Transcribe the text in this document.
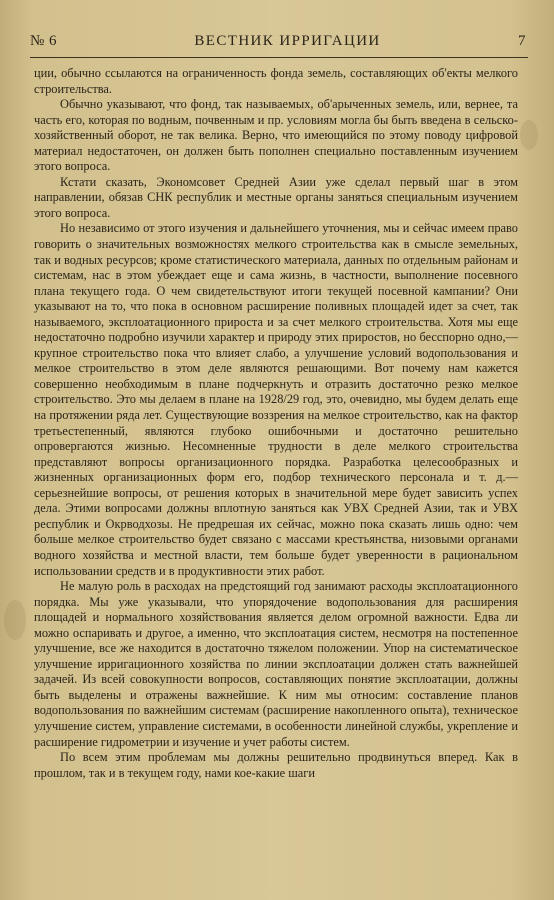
№ 6	ВЕСТНИК ИРРИГАЦИИ	7

ции, обычно ссылаются на ограниченность фонда земель, составляющих об'екты мелкого строительства.

Обычно указывают, что фонд, так называемых, об'арыченных земель, или, вернее, та часть его, которая по водным, почвенным и пр. условиям могла бы быть введена в сельско-хозяйственный оборот, не так велика. Верно, что имеющийся по этому поводу цифровой материал недостаточен, он должен быть пополнен специально поставленным изучением этого вопроса.

Кстати сказать, Экономсовет Средней Азии уже сделал первый шаг в этом направлении, обязав СНК республик и местные органы заняться специальным изучением этого вопроса.

Но независимо от этого изучения и дальнейшего уточнения, мы и сейчас имеем право говорить о значительных возможностях мелкого строительства как в смысле земельных, так и водных ресурсов; кроме статистического материала, данных по отдельным районам и системам, нас в этом убеждает еще и сама жизнь, в частности, выполнение посевного плана текущего года. О чем свидетельствуют итоги текущей посевной кампании? Они указывают на то, что пока в основном расширение поливных площадей идет за счет, так называемого, эксплоатационного прироста и за счет мелкого строительства. Хотя мы еще недостаточно подробно изучили характер и природу этих приростов, но бесспорно одно,—крупное строительство пока что влияет слабо, а улучшение условий водопользования и мелкое строительство в этом деле являются решающими. Вот почему нам кажется совершенно необходимым в плане подчеркнуть и отразить достаточно резко мелкое строительство. Это мы делаем в плане на 1928/29 год, это, очевидно, мы будем делать еще на протяжении ряда лет. Существующие воззрения на мелкое строительство, как на фактор третьестепенный, являются глубоко ошибочными и достаточно решительно опровергаются жизнью. Несомненные трудности в деле мелкого строительства представляют вопросы организационного порядка. Разработка целесообразных и жизненных организационных форм его, подбор технического персонала и т. д.—серьезнейшие вопросы, от решения которых в значительной мере будет зависить успех дела. Этими вопросами должны вплотную заняться как УВХ Средней Азии, так и УВХ республик и Окрводхозы. Не предрешая их сейчас, можно пока сказать лишь одно: чем больше мелкое строительство будет связано с массами крестьянства, низовыми органами водного хозяйства и местной власти, тем больше будет уверенности в рациональном использовании средств и в продуктивности этих работ.

Не малую роль в расходах на предстоящий год занимают расходы эксплоатационного порядка. Мы уже указывали, что упорядочение водопользования для расширения площадей и нормального хозяйствования является делом огромной важности. Едва ли можно оспаривать и другое, а именно, что эксплоатация систем, несмотря на постепенное улучшение, все же находится в достаточно тяжелом положении. Упор на систематическое улучшение ирригационного хозяйства по линии эксплоатации должен стать важнейшей задачей. Из всей совокупности вопросов, составляющих понятие эксплоатации, должны быть выделены и отражены важнейшие. К ним мы относим: составление планов водопользования по важнейшим системам (расширение накопленного опыта), техническое улучшение систем, управление системами, в особенности линейной службы, укрепление и расширение гидрометрии и изучение и учет работы систем.

По всем этим проблемам мы должны решительно продвинуться вперед. Как в прошлом, так и в текущем году, нами кое-какие шаги
